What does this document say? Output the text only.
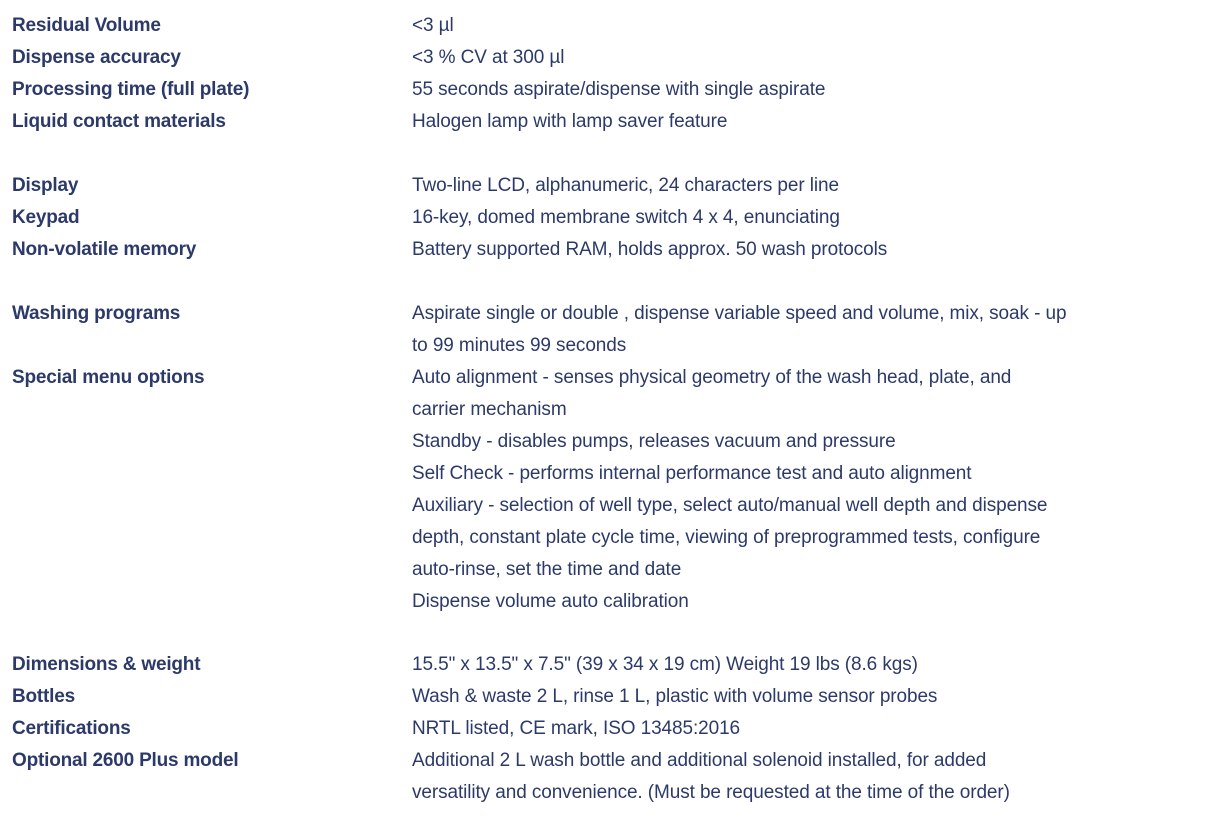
Residual Volume	<3 µl
Dispense accuracy	<3 % CV at 300 µl
Processing time (full plate)	55 seconds aspirate/dispense with single aspirate
Liquid contact materials	Halogen lamp with lamp saver feature
Display	Two-line LCD, alphanumeric, 24 characters per line
Keypad	16-key, domed membrane switch 4 x 4, enunciating
Non-volatile memory	Battery supported RAM, holds approx. 50 wash protocols
Washing programs	Aspirate single or double , dispense variable speed and volume, mix, soak - up
to 99 minutes 99 seconds
Special menu options	Auto alignment - senses physical geometry of the wash head, plate, and
carrier mechanism
Standby - disables pumps, releases vacuum and pressure
Self Check - performs internal performance test and auto alignment
Auxiliary - selection of well type, select auto/manual well depth and dispense
depth, constant plate cycle time, viewing of preprogrammed tests, configure
auto-rinse, set the time and date
Dispense volume auto calibration
Dimensions & weight	15.5" x 13.5" x 7.5" (39 x 34 x 19 cm) Weight 19 lbs (8.6 kgs)
Bottles	Wash & waste 2 L, rinse 1 L, plastic with volume sensor probes
Certifications	NRTL listed, CE mark, ISO 13485:2016
Optional 2600 Plus model	Additional 2 L wash bottle and additional solenoid installed, for added
versatility and convenience. (Must be requested at the time of the order)
